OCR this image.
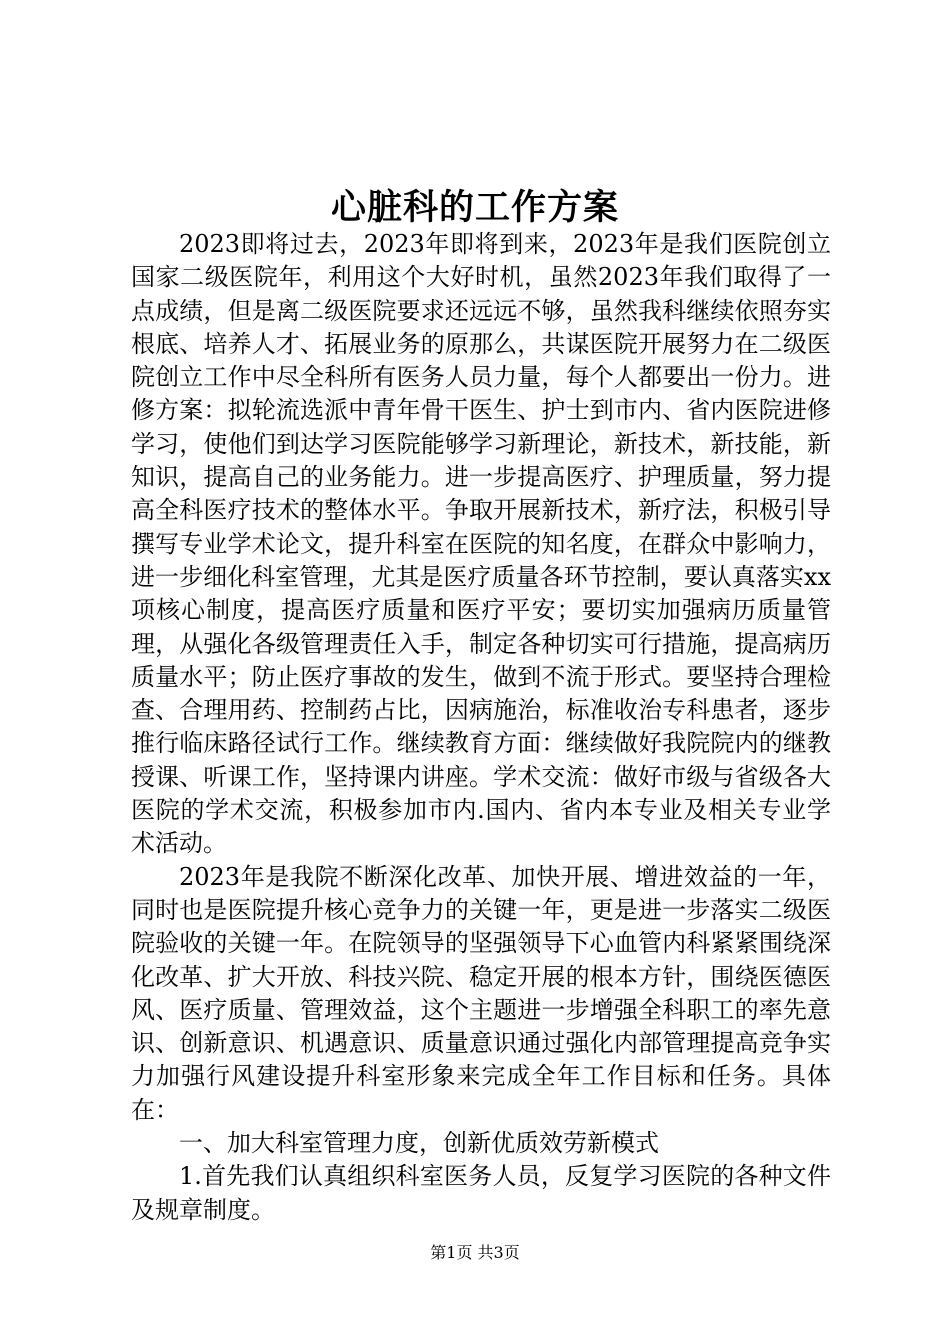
心脏科的工作方案

2023即将过去，2023年即将到来，2023年是我们医院创立国家二级医院年，利用这个大好时机，虽然2023年我们取得了一点成绩，但是离二级医院要求还远远不够，虽然我科继续依照夯实根底、培养人才、拓展业务的原那么，共谋医院开展努力在二级医院创立工作中尽全科所有医务人员力量，每个人都要出一份力。进修方案：拟轮流选派中青年骨干医生、护士到市内、省内医院进修学习，使他们到达学习医院能够学习新理论，新技术，新技能，新知识，提高自己的业务能力。进一步提高医疗、护理质量，努力提高全科医疗技术的整体水平。争取开展新技术，新疗法，积极引导撰写专业学术论文，提升科室在医院的知名度，在群众中影响力，进一步细化科室管理，尤其是医疗质量各环节控制，要认真落实xx项核心制度，提高医疗质量和医疗平安；要切实加强病历质量管理，从强化各级管理责任入手，制定各种切实可行措施，提高病历质量水平；防止医疗事故的发生，做到不流于形式。要坚持合理检查、合理用药、控制药占比，因病施治，标准收治专科患者，逐步推行临床路径试行工作。继续教育方面：继续做好我院院内的继教授课、听课工作，坚持课内讲座。学术交流：做好市级与省级各大医院的学术交流，积极参加市内.国内、省内本专业及相关专业学术活动。

2023年是我院不断深化改革、加快开展、增进效益的一年，同时也是医院提升核心竞争力的关键一年，更是进一步落实二级医院验收的关键一年。在院领导的坚强领导下心血管内科紧紧围绕深化改革、扩大开放、科技兴院、稳定开展的根本方针，围绕医德医风、医疗质量、管理效益，这个主题进一步增强全科职工的率先意识、创新意识、机遇意识、质量意识通过强化内部管理提高竞争实力加强行风建设提升科室形象来完成全年工作目标和任务。具体在：

一、加大科室管理力度，创新优质效劳新模式

1.首先我们认真组织科室医务人员，反复学习医院的各种文件及规章制度。

第1页 共3页
